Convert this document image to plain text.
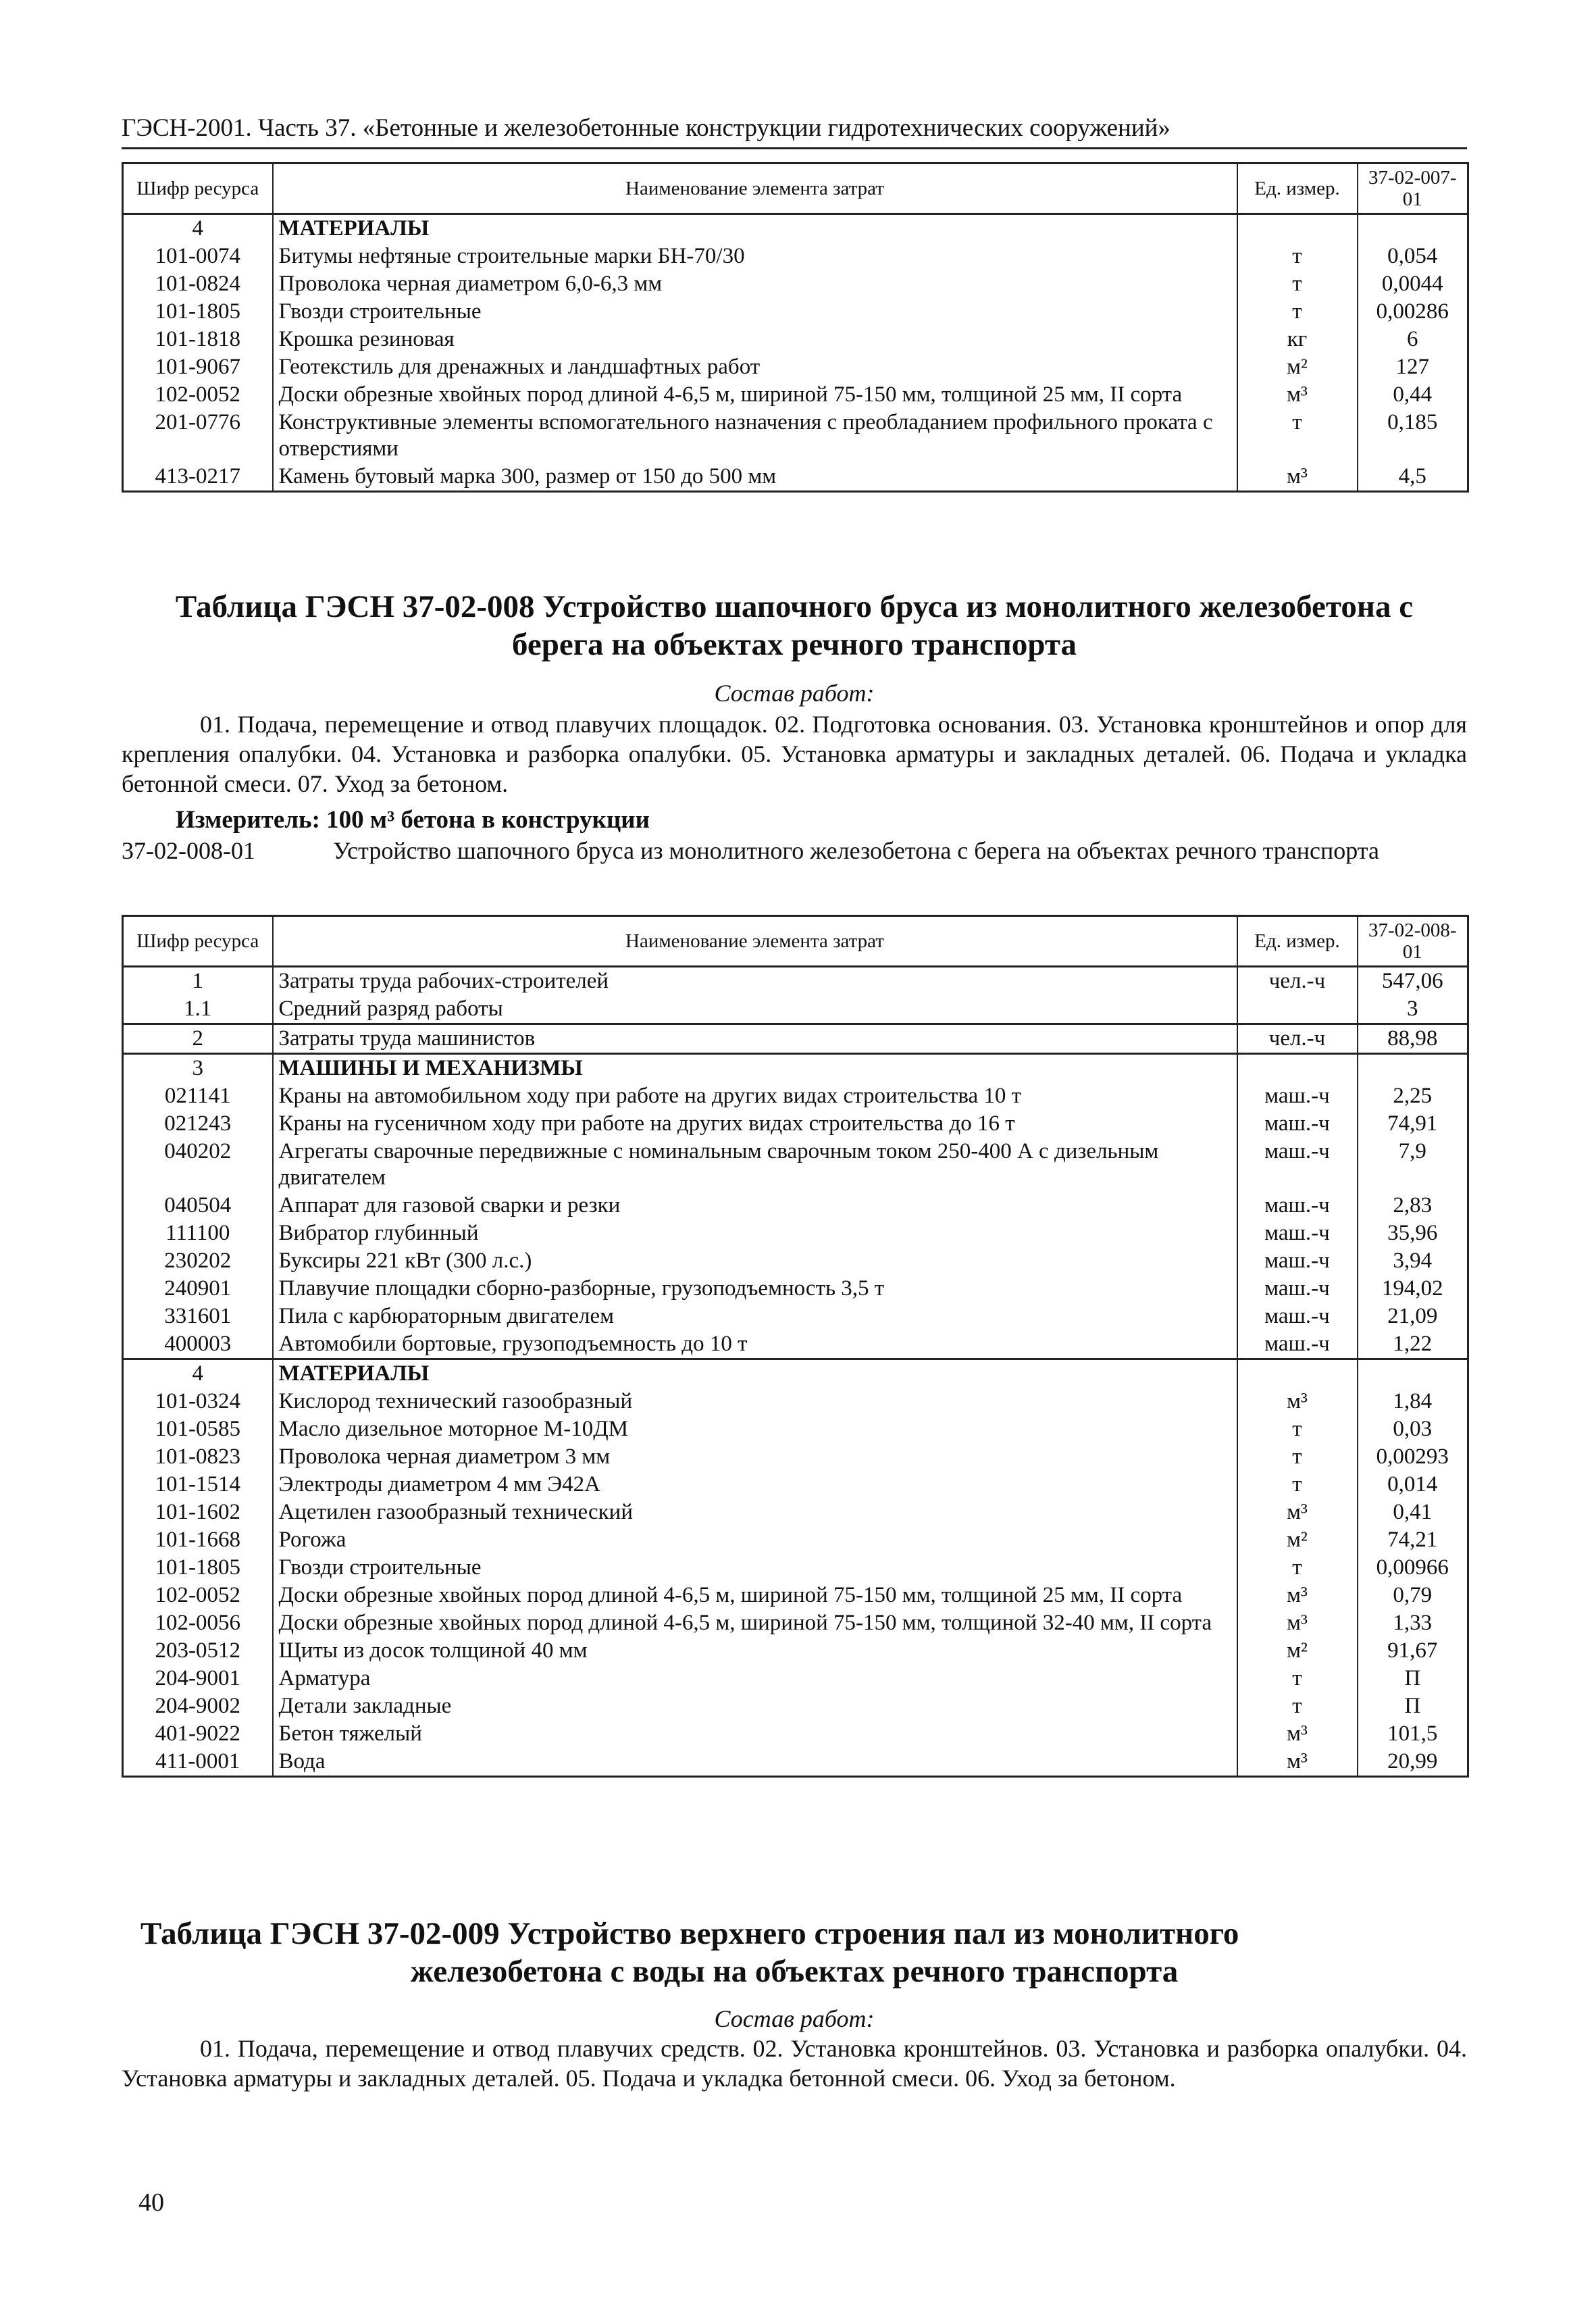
ГЭСН-2001. Часть 37. «Бетонные и железобетонные конструкции гидротехнических сооружений»
Шифр ресурса	Наименование элемента затрат	Ед. измер.	37-02-007-01
4	МАТЕРИАЛЫ		
101-0074	Битумы нефтяные строительные марки БН-70/30	т	0,054
101-0824	Проволока черная диаметром 6,0-6,3 мм	т	0,0044
101-1805	Гвозди строительные	т	0,00286
101-1818	Крошка резиновая	кг	6
101-9067	Геотекстиль для дренажных и ландшафтных работ	м²	127
102-0052	Доски обрезные хвойных пород длиной 4-6,5 м, шириной 75-150 мм, толщиной 25 мм, II сорта	м³	0,44
201-0776	Конструктивные элементы вспомогательного назначения с преобладанием профильного проката с отверстиями	т	0,185
413-0217	Камень бутовый марка 300, размер от 150 до 500 мм	м³	4,5
Таблица ГЭСН 37-02-008 Устройство шапочного бруса из монолитного железобетона с
берега на объектах речного транспорта
Состав работ:
01. Подача, перемещение и отвод плавучих площадок. 02. Подготовка основания. 03. Установка кронштейнов и опор для крепления опалубки. 04. Установка и разборка опалубки. 05. Установка арматуры и закладных деталей. 06. Подача и укладка бетонной смеси. 07. Уход за бетоном.
Измеритель: 100 м³ бетона в конструкции
37-02-008-01	Устройство шапочного бруса из монолитного железобетона с берега на объектах речного транспорта
Шифр ресурса	Наименование элемента затрат	Ед. измер.	37-02-008-01
1	Затраты труда рабочих-строителей	чел.-ч	547,06
1.1	Средний разряд работы		3
2	Затраты труда машинистов	чел.-ч	88,98
3	МАШИНЫ И МЕХАНИЗМЫ		
021141	Краны на автомобильном ходу при работе на других видах строительства 10 т	маш.-ч	2,25
021243	Краны на гусеничном ходу при работе на других видах строительства до 16 т	маш.-ч	74,91
040202	Агрегаты сварочные передвижные с номинальным сварочным током 250-400 А с дизельным двигателем	маш.-ч	7,9
040504	Аппарат для газовой сварки и резки	маш.-ч	2,83
111100	Вибратор глубинный	маш.-ч	35,96
230202	Буксиры 221 кВт (300 л.с.)	маш.-ч	3,94
240901	Плавучие площадки сборно-разборные, грузоподъемность 3,5 т	маш.-ч	194,02
331601	Пила с карбюраторным двигателем	маш.-ч	21,09
400003	Автомобили бортовые, грузоподъемность до 10 т	маш.-ч	1,22
4	МАТЕРИАЛЫ		
101-0324	Кислород технический газообразный	м³	1,84
101-0585	Масло дизельное моторное М-10ДМ	т	0,03
101-0823	Проволока черная диаметром 3 мм	т	0,00293
101-1514	Электроды диаметром 4 мм Э42А	т	0,014
101-1602	Ацетилен газообразный технический	м³	0,41
101-1668	Рогожа	м²	74,21
101-1805	Гвозди строительные	т	0,00966
102-0052	Доски обрезные хвойных пород длиной 4-6,5 м, шириной 75-150 мм, толщиной 25 мм, II сорта	м³	0,79
102-0056	Доски обрезные хвойных пород длиной 4-6,5 м, шириной 75-150 мм, толщиной 32-40 мм, II сорта	м³	1,33
203-0512	Щиты из досок толщиной 40 мм	м²	91,67
204-9001	Арматура	т	П
204-9002	Детали закладные	т	П
401-9022	Бетон тяжелый	м³	101,5
411-0001	Вода	м³	20,99
Таблица ГЭСН 37-02-009 Устройство верхнего строения пал из монолитного
железобетона с воды на объектах речного транспорта
Состав работ:
01. Подача, перемещение и отвод плавучих средств. 02. Установка кронштейнов. 03. Установка и разборка опалубки. 04. Установка арматуры и закладных деталей. 05. Подача и укладка бетонной смеси. 06. Уход за бетоном.
40
